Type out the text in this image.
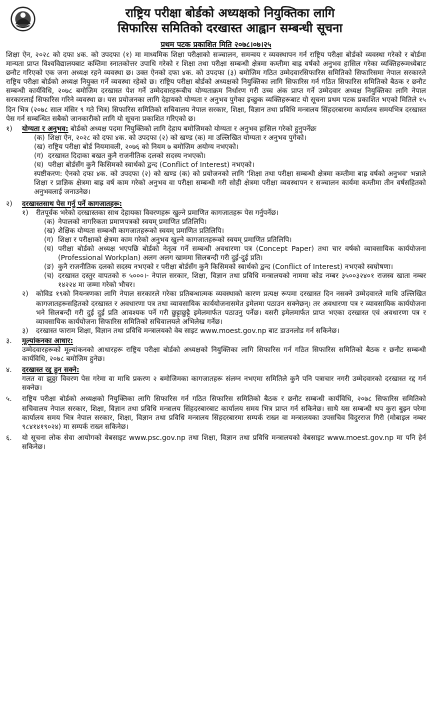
राष्ट्रिय परीक्षा बोर्डको अध्यक्षको नियुक्तिका लागि
सिफारिस समितिको दरखास्त आह्वान सम्बन्धी सूचना
प्रथम पटक प्रकाशित मिति २०७८।०७।२५

शिक्षा ऐन, २०२८ को दफा ४क. को उपदफा (१) मा माध्यमिक शिक्षा परीक्षाको सञ्चालन, समन्वय र व्यवस्थापन गर्न राष्ट्रिय परीक्षा बोर्डको व्यवस्था गरेको र बोर्डमा मान्यता प्राप्त विश्वविद्यालयबाट कम्तिमा स्नातकोत्तर उपाधि गरेको र शिक्षा तथा परीक्षा सम्बन्धी क्षेत्रमा कम्तीमा बाह्र वर्षको अनुभव हासिल गरेका व्यक्तिहरूमध्येबाट छनौट गरिएको एक जना अध्यक्ष रहने व्यवस्था छ। उक्त ऐनको दफा ४क. को उपदफा (३) बमोजिम गठित उम्मेदवारसिफारिस समितिको सिफारिसमा नेपाल सरकारले राष्ट्रिय परीक्षा बोर्डको अध्यक्ष नियुक्त गर्ने व्यवस्था रहेको छ। राष्ट्रिय परीक्षा बोर्डको अध्यक्षको नियुक्तिका लागि सिफारिस गर्न गठित सिफारिस समितिको बैठक र छनौट सम्बन्धी कार्यविधि, २०७८ बमोजिम दरखास्त पेश गर्ने उम्मेदवारहरूबीच योग्यताक्रम निर्धारण गरी उच्च अंक प्राप्त गर्ने उम्मेदवार अध्यक्ष नियुक्तिका लागि नेपाल सरकारलाई सिफारिस गरिने व्यवस्था छ। यस प्रयोजनका लागि देहायको योग्यता र अनुभव पुगेका इच्छुक व्यक्तिहरूबाट यो सूचना प्रथम पटक प्रकाशित भएको मितिले १५ दिन भित्र (२०७८ साल मंसिर ९ गते भित्र) सिफारिस समितिको सचिवालय नेपाल सरकार, शिक्षा, विज्ञान तथा प्रविधि मन्त्रालय सिंहदरबारमा कार्यालय समयभित्र दरखास्त पेस गर्न सम्बन्धित सबैको जानकारीको लागि यो सूचना प्रकाशित गरिएको छ।

१)	योग्यता र अनुभव: बोर्डको अध्यक्ष पदमा नियुक्तिको लागि देहाय बमोजिमको योग्यता र अनुभव हासिल गरेको हुनुपर्नेछः
(क) शिक्षा ऐन, २०२८ को दफा ४क. को उपदफा (२) को खण्ड (क) मा उल्लिखित योग्यता र अनुभव पुगेको।
(ख) राष्ट्रिय परीक्षा बोर्ड नियमावली, २०७६ को नियम ७ बमोजिम अयोग्य नभएको।
(ग) दरखास्त दिदाका बखत कुनै राजनीतिक दलको सदस्य नभएको।
(घ) परीक्षा बोर्डसँग कुनै किसिमको स्वार्थको द्वन्द (Conflict of Interest) नभएको।

स्पष्टीकरण: ऐनको दफा ४क. को उपदफा (२) को खण्ड (क) को प्रयोजनको लागि 'शिक्षा तथा परीक्षा सम्बन्धी क्षेत्रमा कम्तीमा बाह्र वर्षको अनुभव' भन्नाले शिक्षा र प्राज्ञिक क्षेत्रमा बाह्र वर्ष काम गरेको अनुभव वा परीक्षा सम्बन्धी गरी सोही क्षेत्रमा परीक्षा व्यवस्थापन र सञ्चालन कार्यमा कम्तीमा तीन वर्षसहितको अनुभवलाई जनाउनेछ।

२)	दरखास्तसाथ पेस गर्नु पर्ने कागजातहरू:
१)	रीतपूर्वक भरेको दरखास्तका साथ देहायका विवरणहरू खुल्ने प्रमाणित कागजातहरू पेस गर्नुपर्नेछ।
(क) नेपालको नागरिकता प्रमाणपत्रको स्वयम् प्रमाणित प्रतिलिपि।
(ख) शैक्षिक योग्यता सम्बन्धी कागजातहरूको स्वयम् प्रमाणित प्रतिलिपि।
(ग) शिक्षा र परीक्षाको क्षेत्रमा काम गरेको अनुभव खुल्ने कागजातहरूको स्वयम् प्रमाणित प्रतिलिपि।
(घ) परीक्षा बोर्डको अध्यक्ष भएपछि बोर्डको नेतृत्व गर्ने सम्बन्धी अवधारणा पत्र (Concept Paper) तथा चार वर्षको व्यावसायिक कार्ययोजना (Professional Workplan) अलग अलग खाममा सिलबन्दी गरी दुई-दुई प्रति।
(ङ) कुनै राजनीतिक दलको सदस्य नभएको र परीक्षा बोर्डसँग कुनै किसिमको स्वार्थको द्वन्द (Conflict of Interest) नभएको स्वघोषणा।
(च) दरखास्त दस्तुर वापतको रु ५०००।- नेपाल सरकार, शिक्षा, विज्ञान तथा प्रविधि मन्त्रालयको नाममा कोड नम्बर ३५००३२४०१ राजस्व खाता नम्बर १४२२४ मा जम्मा गरेको भौचर।
२)	कोविड १९को नियन्त्रणका लागि नेपाल सरकारले गरेका प्रतिबन्धात्मक व्यवस्थाको कारण प्रत्यक्ष रूपमा दरखास्त दिन नसक्ने उम्मेदवारले माथि उल्लिखित कागजातहरूसहितको दरखास्त र अवधारणा पत्र तथा व्यावसायिक कार्ययोजनासमेत इमेलमा पठाउन सक्नेछन्। तर अवधारणा पत्र र व्यावसायिक कार्ययोजना भने सिलबन्दी गरी दुई दुई प्रति आवश्यक पर्ने गरी छुट्टाछुट्टै इमेलमार्फत पठाउनु पर्नेछ। यसरी इमेलमार्फत प्राप्त भएका दरखास्त एवं अवधारणा पत्र र व्यावसायिक कार्ययोजना सिफारिस समितिको सचिवालयले अभिलेख गर्नेछ।
३)	दरखास्त फाराम शिक्षा, विज्ञान तथा प्रविधि मन्त्रालयको वेब साइट www.moest.gov.np बाट डाउनलोड गर्न सकिनेछ।
३.	मूल्यांकनका आधार:

उम्मेदवारहरूको मूल्यांकनको आधारहरू राष्ट्रिय परीक्षा बोर्डको अध्यक्षको नियुक्तिका लागि सिफारिस गर्न गठित सिफारिस समितिको बैठक र छनौट सम्बन्धी कार्यविधि, २०७८ बमोजिम हुनेछ।

४.	दरखास्त रद्द हुन सक्ने:

गलत वा झुठ्ठा विवरण पेस गरेमा वा माथि प्रकरण २ बमोजिमका कागजातहरू संलग्न नभएमा समितिले कुनै पनि पत्राचार नगरी उम्मेदवारको दरखास्त रद्द गर्न सक्नेछ।

५.	राष्ट्रिय परीक्षा बोर्डको अध्यक्षको नियुक्तिका लागि सिफारिस गर्न गठित सिफारिस समितिको बैठक र छनौट सम्बन्धी कार्यविधि, २०७८ सिफारिस समितिको सचिवालय नेपाल सरकार, शिक्षा, विज्ञान तथा प्रविधि मन्त्रालय सिंहदरबारबाट कार्यालय समय भित्र प्राप्त गर्न सकिनेछ। साथै यस सम्बन्धी थप कुरा बुझ्न परेमा कार्यालय समय भित्र नेपाल सरकार, शिक्षा, विज्ञान तथा प्रविधि मन्त्रालय सिंहदरबारमा सम्पर्क राख्न वा मन्त्रालयका उपसचिव विदुरराज गिरी (मोबाइल नम्बर ९८४१४१९०२४) मा सम्पर्क राख्न सकिनेछ।

६.	यो सूचना लोक सेवा आयोगको वेबसाइट www.psc.gov.np तथा शिक्षा, विज्ञान तथा प्रविधि मन्त्रालयको वेबसाइट www.moest.gov.np मा पनि हेर्न सकिनेछ।
